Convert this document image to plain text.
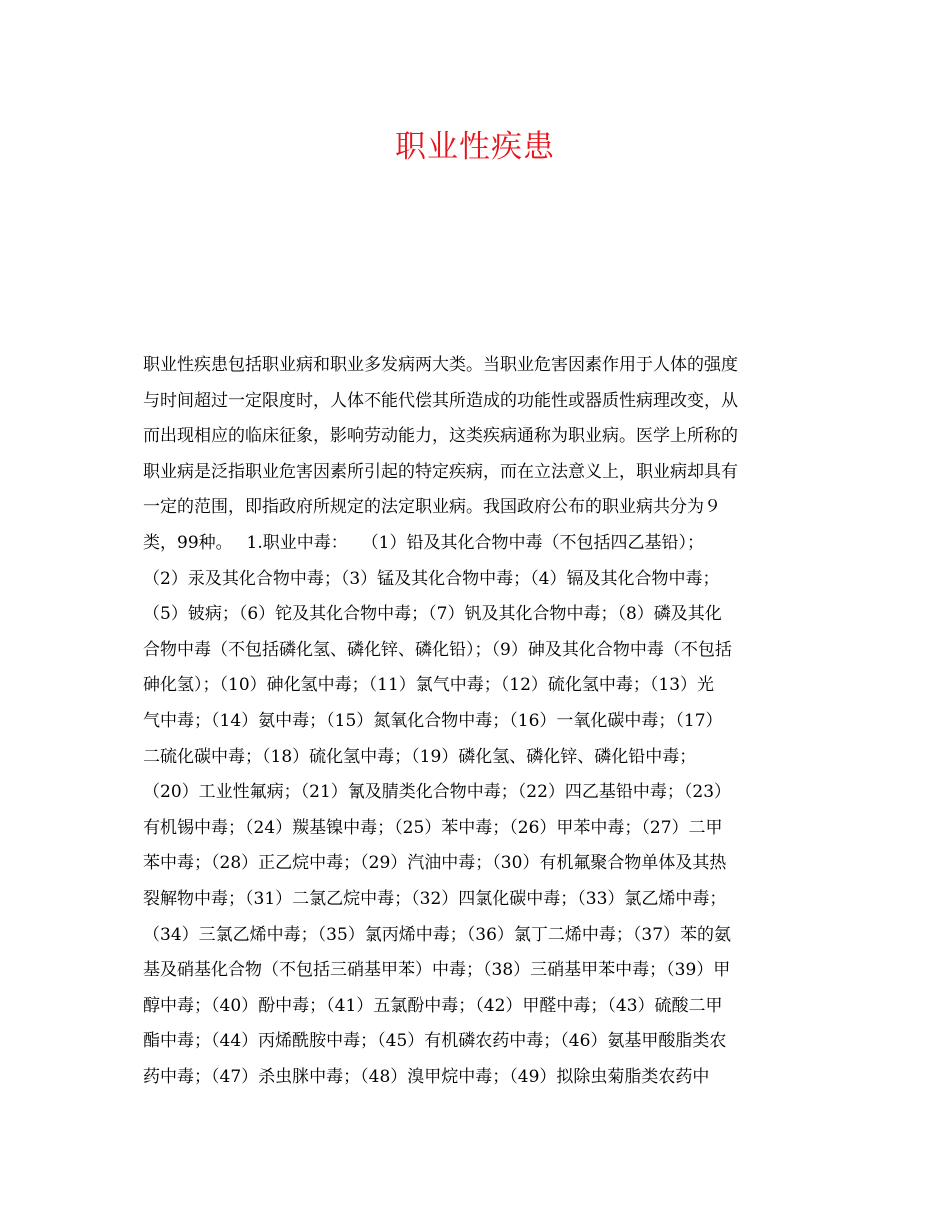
职业性疾患
职业性疾患包括职业病和职业多发病两大类。当职业危害因素作用于人体的强度
与时间超过一定限度时，人体不能代偿其所造成的功能性或器质性病理改变，从
而出现相应的临床征象，影响劳动能力，这类疾病通称为职业病。医学上所称的
职业病是泛指职业危害因素所引起的特定疾病，而在立法意义上，职业病却具有
一定的范围，即指政府所规定的法定职业病。我国政府公布的职业病共分为９
类，99种。　 1.职业中毒：　 （1）铅及其化合物中毒（不包括四乙基铅）；
（2）汞及其化合物中毒；（3）锰及其化合物中毒；（4）镉及其化合物中毒；
（5）铍病；（6）铊及其化合物中毒；（7）钒及其化合物中毒；（8）磷及其化
合物中毒（不包括磷化氢、磷化锌、磷化铅）；（9）砷及其化合物中毒（不包括
砷化氢）；（10）砷化氢中毒；（11）氯气中毒；（12）硫化氢中毒；（13）光
气中毒；（14）氨中毒；（15）氮氧化合物中毒；（16）一氧化碳中毒；（17）
二硫化碳中毒；（18）硫化氢中毒；（19）磷化氢、磷化锌、磷化铅中毒；
（20）工业性氟病；（21）氰及腈类化合物中毒；（22）四乙基铅中毒；（23）
有机锡中毒；（24）羰基镍中毒；（25）苯中毒；（26）甲苯中毒；（27）二甲
苯中毒；（28）正乙烷中毒；（29）汽油中毒；（30）有机氟聚合物单体及其热
裂解物中毒；（31）二氯乙烷中毒；（32）四氯化碳中毒；（33）氯乙烯中毒；
（34）三氯乙烯中毒；（35）氯丙烯中毒；（36）氯丁二烯中毒；（37）苯的氨
基及硝基化合物（不包括三硝基甲苯）中毒；（38）三硝基甲苯中毒；（39）甲
醇中毒；（40）酚中毒；（41）五氯酚中毒；（42）甲醛中毒；（43）硫酸二甲
酯中毒；（44）丙烯酰胺中毒；（45）有机磷农药中毒；（46）氨基甲酸脂类农
药中毒；（47）杀虫脒中毒；（48）溴甲烷中毒；（49）拟除虫菊脂类农药中
